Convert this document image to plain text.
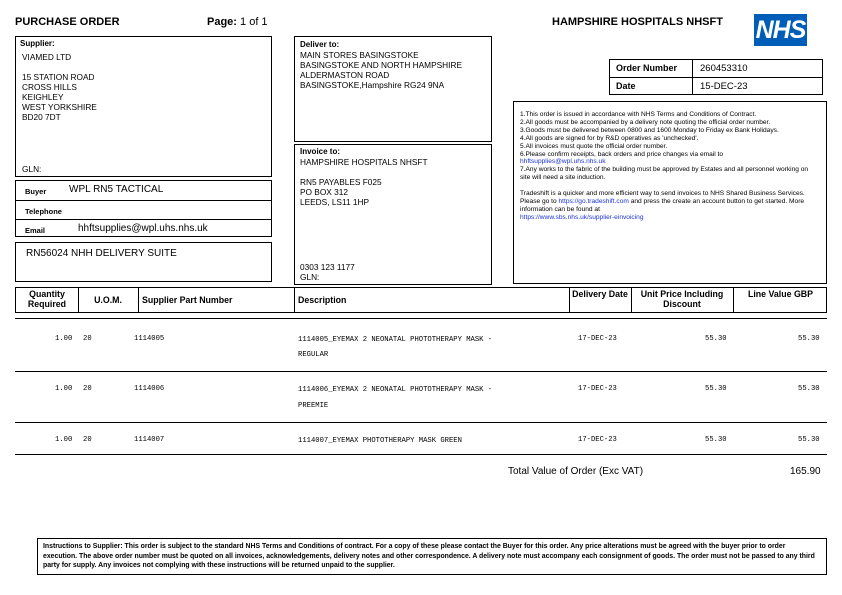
PURCHASE ORDER	Page: 1 of 1	HAMPSHIRE HOSPITALS NHSFT NHS
Supplier:
VIAMED LTD
15 STATION ROAD
CROSS HILLS
KEIGHLEY
WEST YORKSHIRE
BD20 7DT
GLN:
Deliver to:
MAIN STORES BASINGSTOKE
BASINGSTOKE AND NORTH HAMPSHIRE
ALDERMASTON ROAD
BASINGSTOKE,Hampshire RG24 9NA
Invoice to:
HAMPSHIRE HOSPITALS NHSFT
RN5 PAYABLES F025
PO BOX 312
LEEDS, LS11 1HP
0303 123 1177
GLN:
Order Number 260453310
Date	15-DEC-23
1.This order is issued in accordance with NHS Terms and Conditions of Contract.
2.All goods must be accompanied by a delivery note quoting the official order number.
3.Goods must be delivered between 0800 and 1600 Monday to Friday ex Bank Holidays.
4.All goods are signed for by R&D operatives as 'unchecked'.
5.All invoices must quote the official order number.
6.Please confirm receipts, back orders and price changes via email to
hhftsupplies@wpl.uhs.nhs.uk
7.Any works to the fabric of the building must be approved by Estates and all personnel working on site will need a site induction.
Tradeshift is a quicker and more efficient way to send invoices to NHS Shared Business Services. Please go to https://go.tradeshift.com and press the create an account button to get started. More information can be found at
https://www.sbs.nhs.uk/supplier-einvoicing
Buyer WPL RN5 TACTICAL
Telephone
Email	hhftsupplies@wpl.uhs.nhs.uk
RN56024 NHH DELIVERY SUITE
Quantity Required	U.O.M.	Supplier Part Number	Description
Delivery Date	Unit Price Including Discount
Line Value GBP
1.00 20	1114005	1114005_EYEMAX 2 NEONATAL PHOTOTHERAPY MASK -
REGULAR
17-DEC-23	55.30	55.30
1.00 20	1114006	1114006_EYEMAX 2 NEONATAL PHOTOTHERAPY MASK -
PREEMIE
17-DEC-23	55.30	55.30
1.00 20	1114007	1114007_EYEMAX PHOTOTHERAPY MASK GREEN	17-DEC-23	55.30	55.30
Total Value of Order (Exc VAT)	165.90
Instructions to Supplier: This order is subject to the standard NHS Terms and Conditions of contract. For a copy of these please contact the Buyer for this order. Any price alterations must be agreed with the buyer prior to order execution. The above order number must be quoted on all invoices, acknowledgements, delivery notes and other correspondence. A delivery note must accompany each consignment of goods. The order must not be passed to any third party for supply. Any invoices not complying with these instructions will be returned unpaid to the supplier.
